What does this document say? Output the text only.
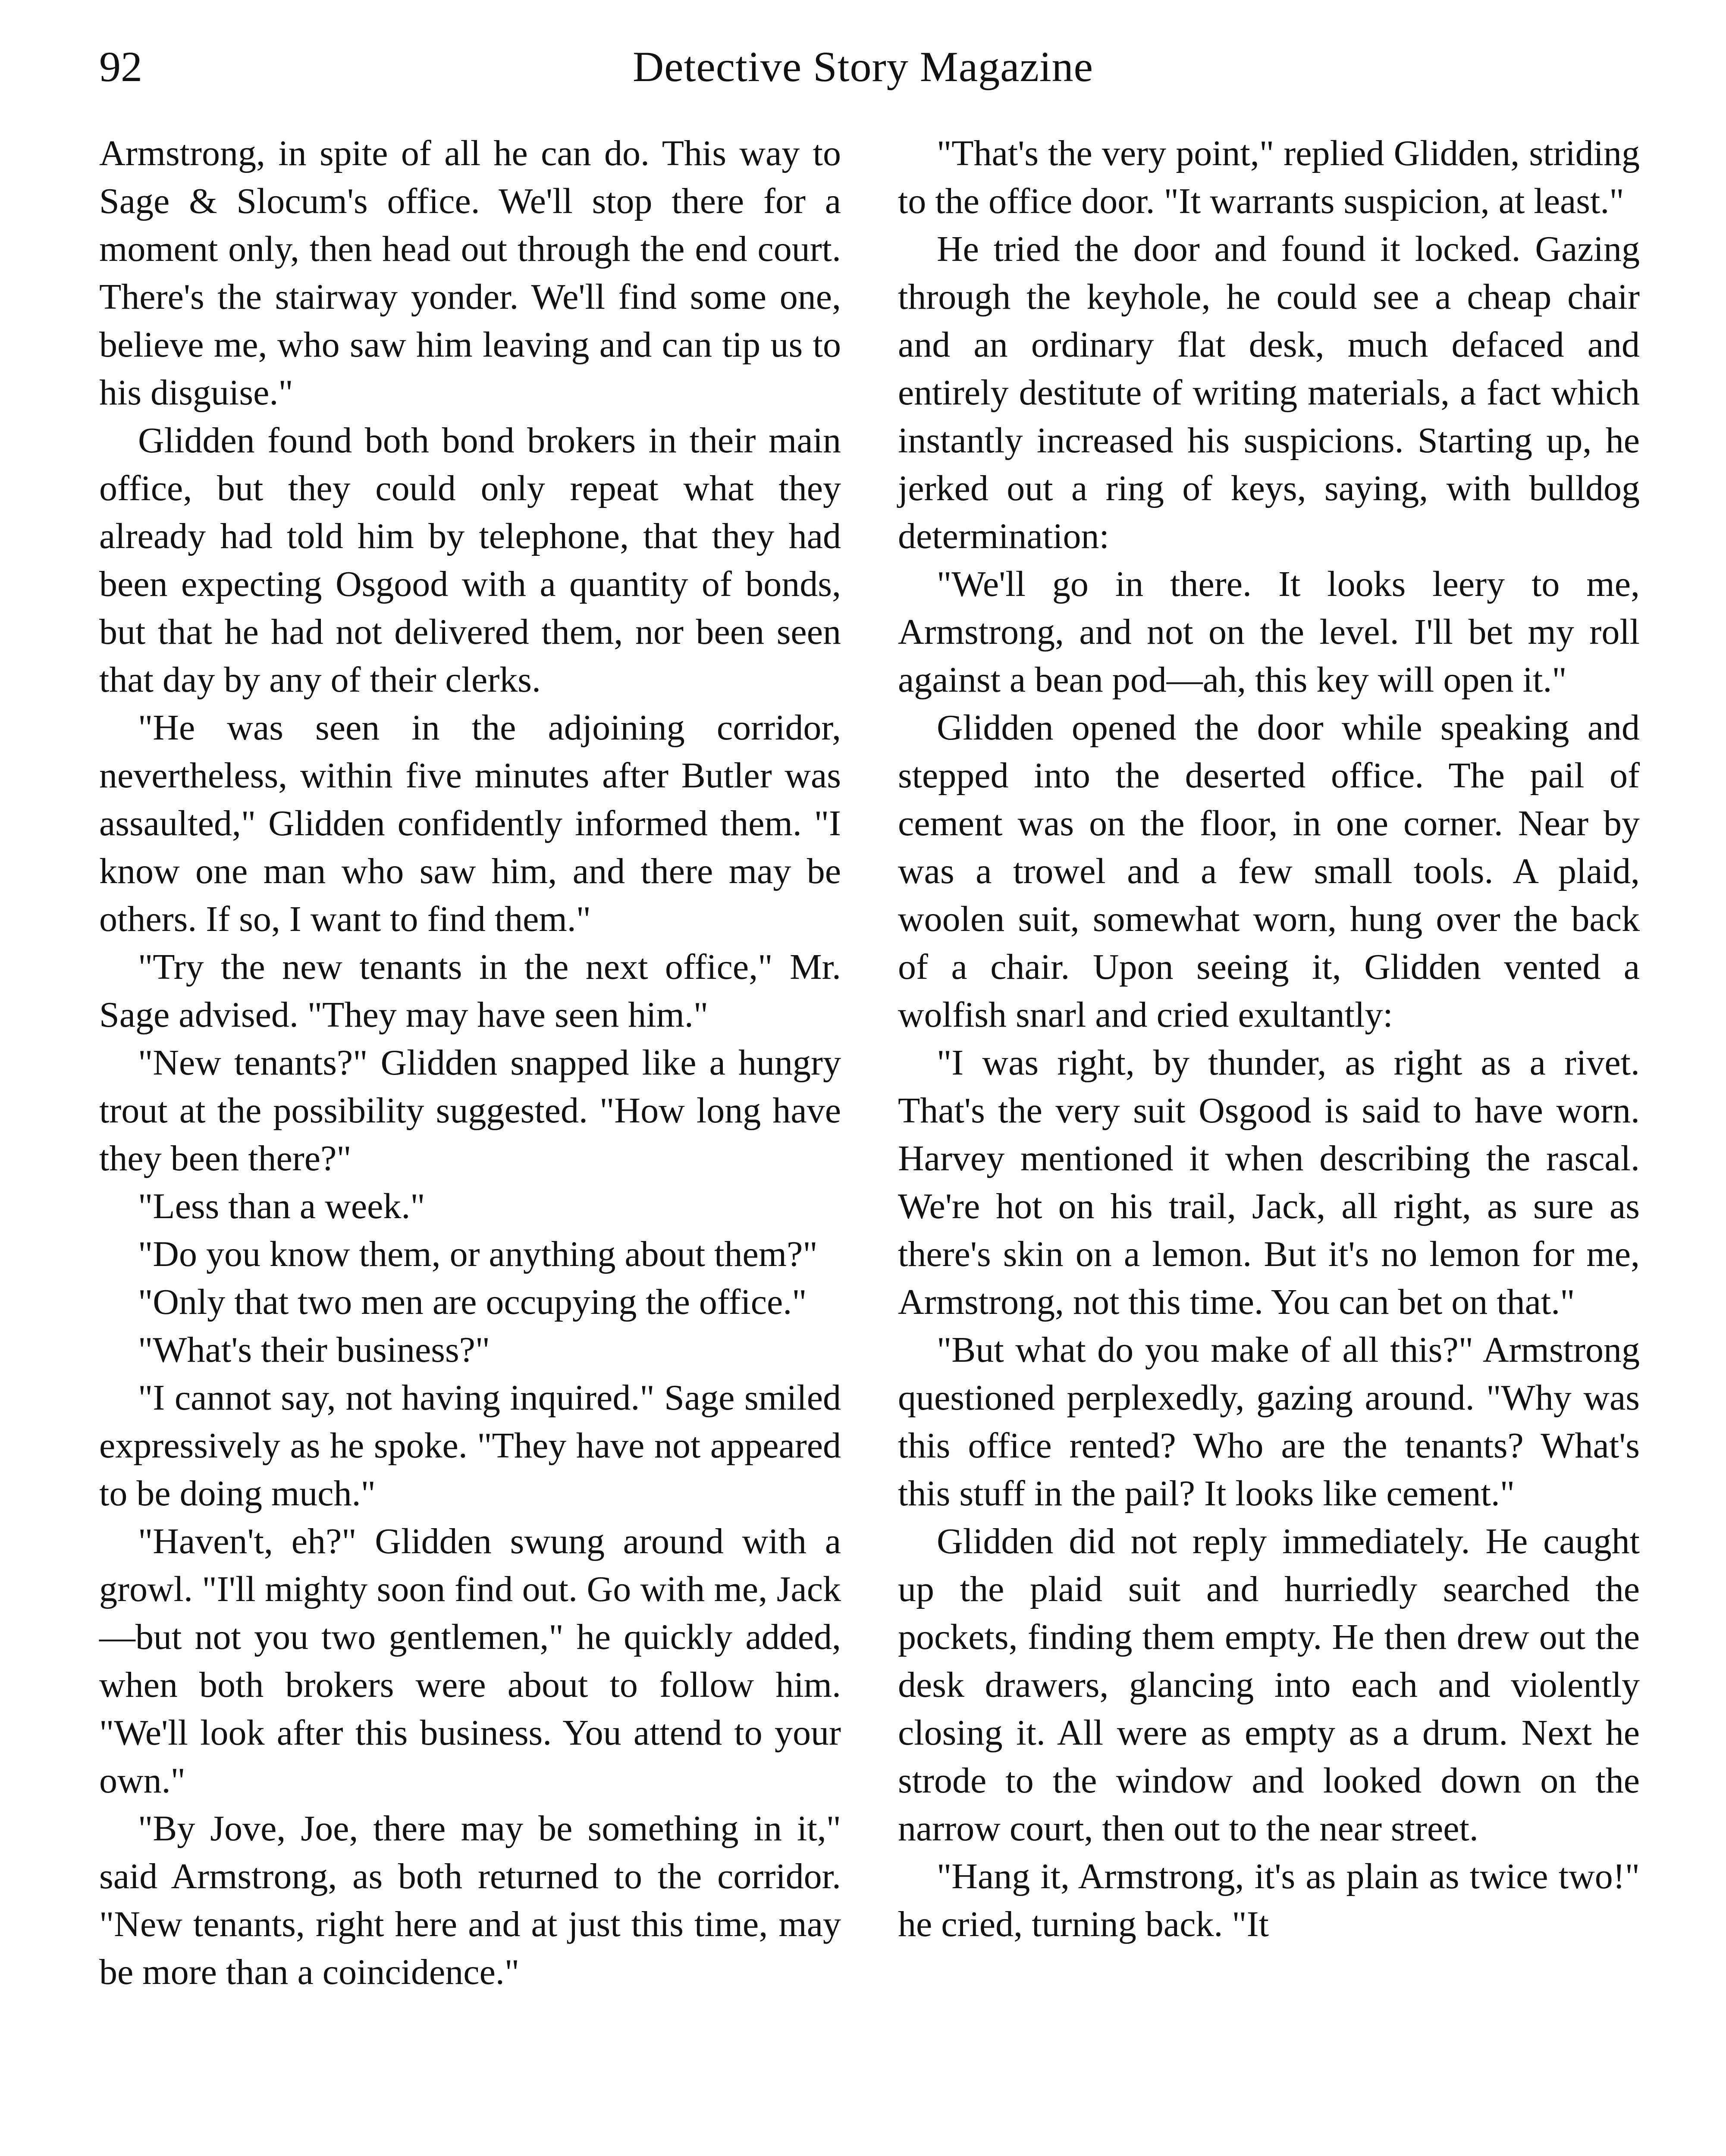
92	Detective Story Magazine

Armstrong, in spite of all he can do. This way to Sage & Slocum's office. We'll stop there for a moment only, then head out through the end court. There's the stairway yonder. We'll find some one, believe me, who saw him leaving and can tip us to his disguise."

Glidden found both bond brokers in their main office, but they could only repeat what they already had told him by telephone, that they had been expecting Osgood with a quantity of bonds, but that he had not delivered them, nor been seen that day by any of their clerks.

"He was seen in the adjoining corridor, nevertheless, within five minutes after Butler was assaulted," Glidden confidently informed them. "I know one man who saw him, and there may be others. If so, I want to find them."

"Try the new tenants in the next office," Mr. Sage advised. "They may have seen him."

"New tenants?" Glidden snapped like a hungry trout at the possibility suggested. "How long have they been there?"

"Less than a week."

"Do you know them, or anything about them?"

"Only that two men are occupying the office."

"What's their business?"

"I cannot say, not having inquired." Sage smiled expressively as he spoke. "They have not appeared to be doing much."

"Haven't, eh?" Glidden swung around with a growl. "I'll mighty soon find out. Go with me, Jack—but not you two gentlemen," he quickly added, when both brokers were about to follow him. "We'll look after this business. You attend to your own."

"By Jove, Joe, there may be something in it," said Armstrong, as both returned to the corridor. "New tenants, right here and at just this time, may be more than a coincidence."

"That's the very point," replied Glidden, striding to the office door. "It warrants suspicion, at least."

He tried the door and found it locked. Gazing through the keyhole, he could see a cheap chair and an ordinary flat desk, much defaced and entirely destitute of writing materials, a fact which instantly increased his suspicions. Starting up, he jerked out a ring of keys, saying, with bulldog determination:

"We'll go in there. It looks leery to me, Armstrong, and not on the level. I'll bet my roll against a bean pod—ah, this key will open it."

Glidden opened the door while speaking and stepped into the deserted office. The pail of cement was on the floor, in one corner. Near by was a trowel and a few small tools. A plaid, woolen suit, somewhat worn, hung over the back of a chair. Upon seeing it, Glidden vented a wolfish snarl and cried exultantly:

"I was right, by thunder, as right as a rivet. That's the very suit Osgood is said to have worn. Harvey mentioned it when describing the rascal. We're hot on his trail, Jack, all right, as sure as there's skin on a lemon. But it's no lemon for me, Armstrong, not this time. You can bet on that."

"But what do you make of all this?" Armstrong questioned perplexedly, gazing around. "Why was this office rented? Who are the tenants? What's this stuff in the pail? It looks like cement."

Glidden did not reply immediately. He caught up the plaid suit and hurriedly searched the pockets, finding them empty. He then drew out the desk drawers, glancing into each and violently closing it. All were as empty as a drum. Next he strode to the window and looked down on the narrow court, then out to the near street.

"Hang it, Armstrong, it's as plain as twice two!" he cried, turning back. "It
